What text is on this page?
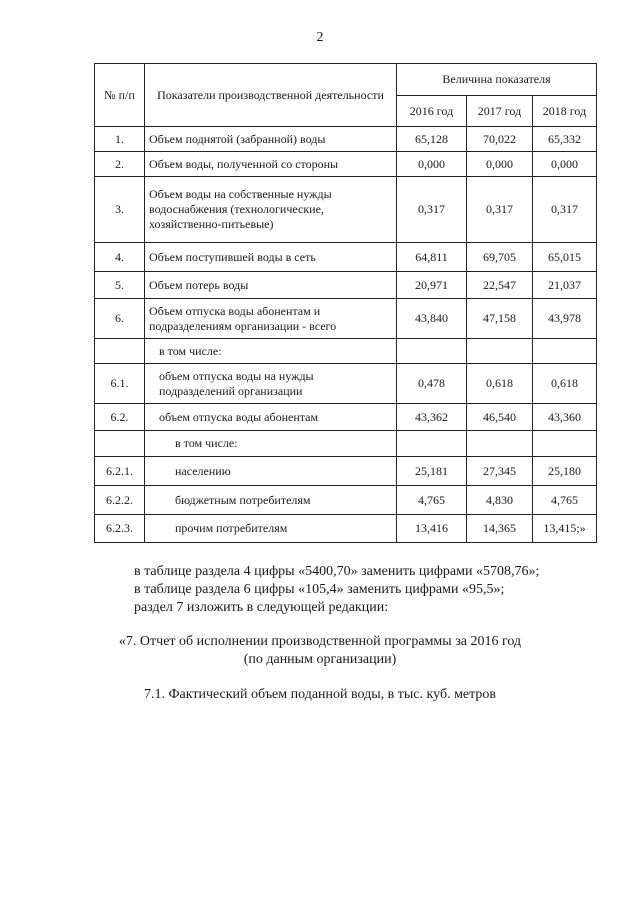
2
№ п/п	Показатели производственной деятельности	Величина показателя		
		2016 год	2017 год	2018 год
1.	Объем поднятой (забранной) воды	65,128	70,022	65,332
2.	Объем воды, полученной со стороны	0,000	0,000	0,000
3.	Объем воды на собственные нужды водоснабжения (технологические, хозяйственно-питьевые)	0,317	0,317	0,317
4.	Объем поступившей воды в сеть	64,811	69,705	65,015
5.	Объем потерь воды	20,971	22,547	21,037
6.	Объем отпуска воды абонентам и подразделениям организации - всего	43,840	47,158	43,978
	в том числе:			
6.1.	объем отпуска воды на нужды подразделений организации	0,478	0,618	0,618
6.2.	объем отпуска воды абонентам	43,362	46,540	43,360
	в том числе:			
6.2.1.	населению	25,181	27,345	25,180
6.2.2.	бюджетным потребителям	4,765	4,830	4,765
6.2.3.	прочим потребителям	13,416	14,365	13,415;»
в таблице раздела 4 цифры «5400,70» заменить цифрами «5708,76»;
в таблице раздела 6 цифры «105,4» заменить цифрами «95,5»;
раздел 7 изложить в следующей редакции:
«7. Отчет об исполнении производственной программы за 2016 год
(по данным организации)
7.1. Фактический объем поданной воды, в тыс. куб. метров
